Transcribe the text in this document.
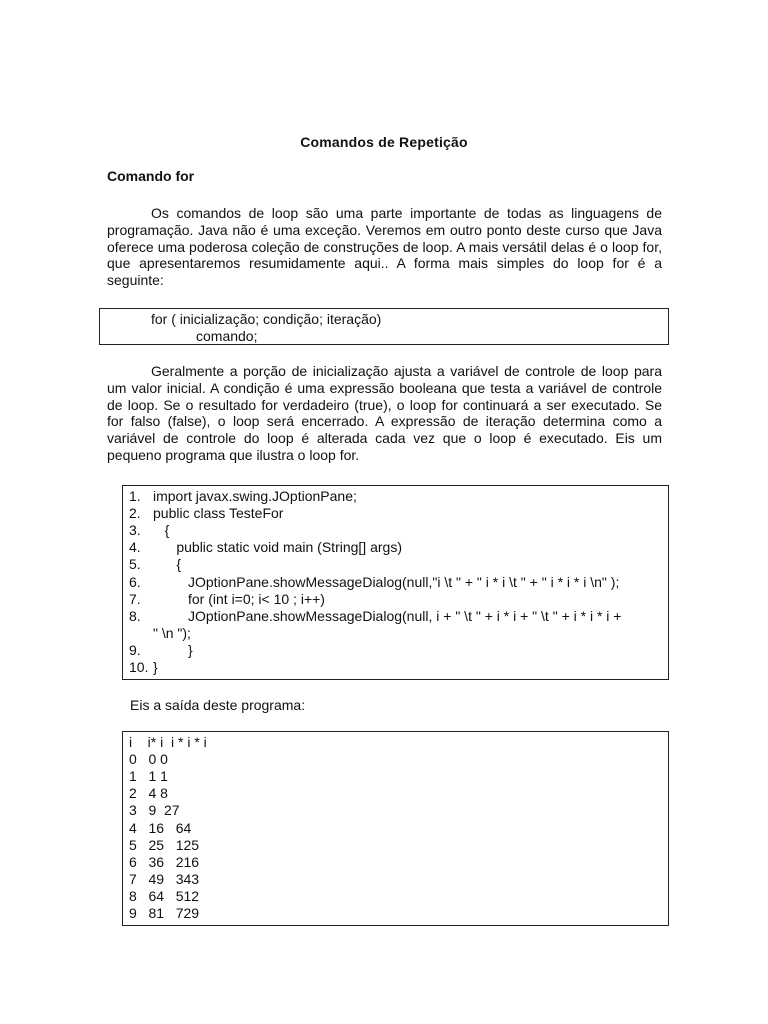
Comandos de Repetição
Comando for

Os comandos de loop são uma parte importante de todas as linguagens de programação. Java não é uma exceção. Veremos em outro ponto deste curso que Java oferece uma poderosa coleção de construções de loop. A mais versátil delas é o loop for, que apresentaremos resumidamente aqui.. A forma mais simples do loop for é a seguinte:

for ( inicialização; condição; iteração)
comando;

Geralmente a porção de inicialização ajusta a variável de controle de loop para um valor inicial. A condição é uma expressão booleana que testa a variável de controle de loop. Se o resultado for verdadeiro (true), o loop for continuará a ser executado. Se for falso (false), o loop será encerrado. A expressão de iteração determina como a variável de controle do loop é alterada cada vez que o loop é executado. Eis um pequeno programa que ilustra o loop for.

1. import javax.swing.JOptionPane;
2. public class TesteFor
3.   {
4.      public static void main (String[] args)
5.      {
6.         JOptionPane.showMessageDialog(null,"i \t " + " i * i \t " + " i * i * i \n" );
7.         for (int i=0; i< 10 ; i++)
8.         JOptionPane.showMessageDialog(null, i + " \t " + i * i + " \t " + i * i * i +
" \n ");
9.         }
10. }
Eis a saída deste programa:
i    i* i  i * i * i
0   0 0
1   1 1
2   4 8
3   9  27
4   16   64
5   25   125
6   36   216
7   49   343
8   64   512
9   81   729
